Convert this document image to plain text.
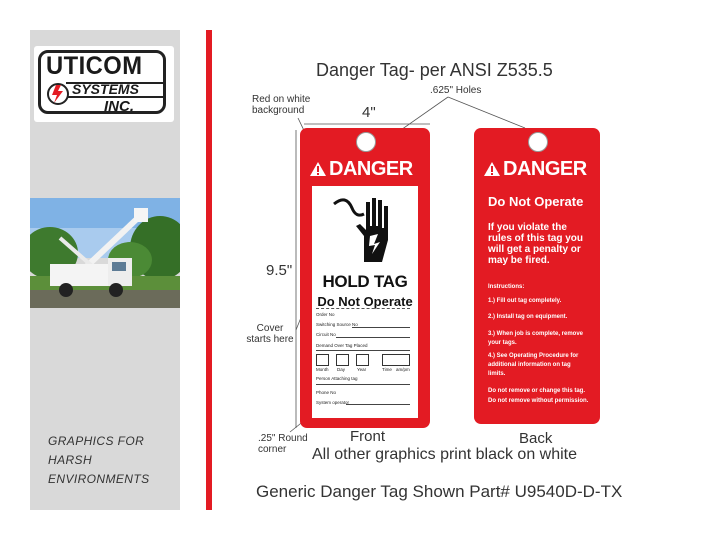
UTICOM
SYSTEMS
INC.
GRAPHICS FOR HARSH ENVIRONMENTS
Danger Tag- per ANSI Z535.5
Red on white background
.625" Holes
4"
9.5"
Cover starts here
.25" Round corner
DANGER
HOLD TAG
Do Not Operate
Order No
Switching Source No
Circuit No
Demand Over Tag Placed
Month Day	Year	Time am/pm
Person Attaching tag
Phone No
System operator
DANGER
Do Not Operate
If you violate the rules of this tag you will get a penalty or may be fired.
Instructions:
1.) Fill out tag completely.
2.) Install tag on equipment.
3.) When job is complete, remove your tags.
4.) See Operating Procedure for additional information on tag limits.
Do not remove or change this tag.
Do not remove without permission.
Front	Back
All other graphics print black on white
Generic Danger Tag Shown Part# U9540D-D-TX
